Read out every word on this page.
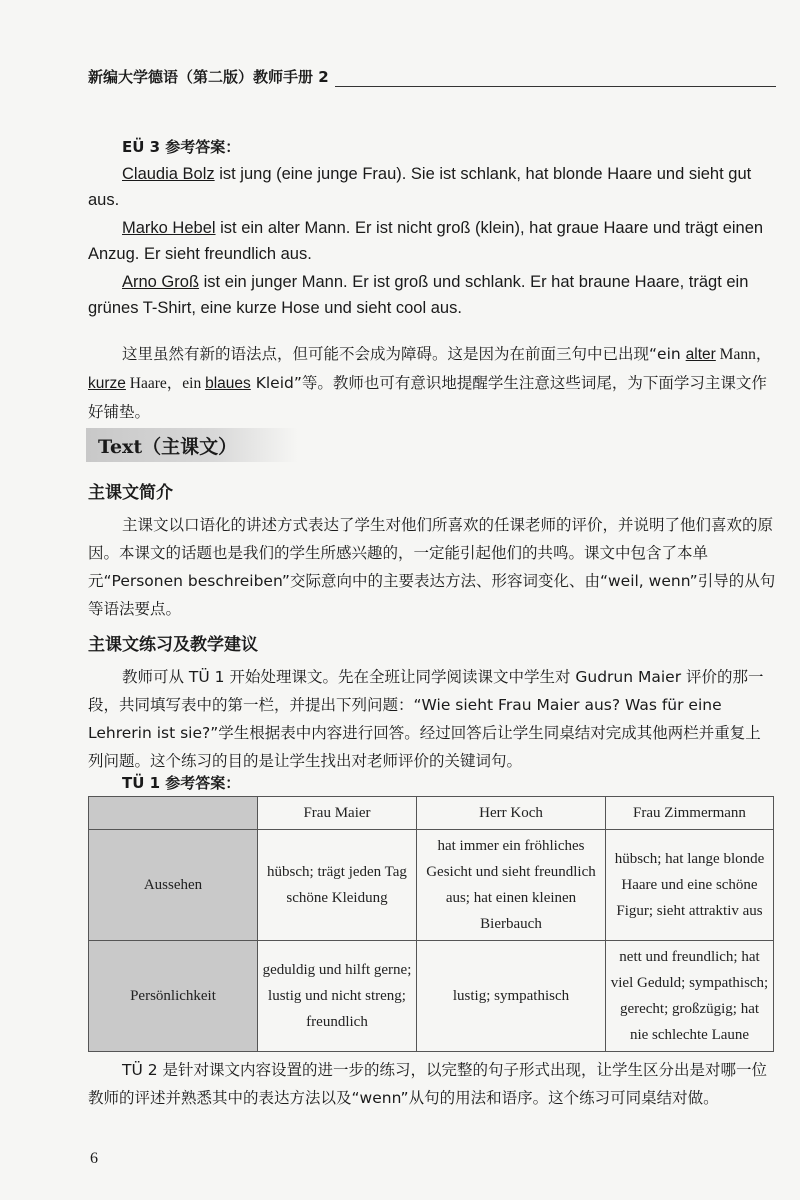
新编大学德语（第二版）教师手册 2
EÜ 3 参考答案：

Claudia Bolz ist jung (eine junge Frau). Sie ist schlank, hat blonde Haare und sieht gut aus.

Marko Hebel ist ein alter Mann. Er ist nicht groß (klein), hat graue Haare und trägt einen Anzug. Er sieht freundlich aus.

Arno Groß ist ein junger Mann. Er ist groß und schlank. Er hat braune Haare, trägt ein grünes T-Shirt, eine kurze Hose und sieht cool aus.

这里虽然有新的语法点，但可能不会成为障碍。这是因为在前面三句中已出现“ein alter Mann，kurze Haare，ein blaues Kleid”等。教师也可有意识地提醒学生注意这些词尾，为下面学习主课文作好铺垫。

Text（主课文）
主课文简介

主课文以口语化的讲述方式表达了学生对他们所喜欢的任课老师的评价，并说明了他们喜欢的原因。本课文的话题也是我们的学生所感兴趣的，一定能引起他们的共鸣。课文中包含了本单元“Personen beschreiben”交际意向中的主要表达方法、形容词变化、由“weil, wenn”引导的从句等语法要点。

主课文练习及教学建议

教师可从 TÜ 1 开始处理课文。先在全班让同学阅读课文中学生对 Gudrun Maier 评价的那一段，共同填写表中的第一栏，并提出下列问题：“Wie sieht Frau Maier aus? Was für eine Lehrerin ist sie?”学生根据表中内容进行回答。经过回答后让学生同桌结对完成其他两栏并重复上列问题。这个练习的目的是让学生找出对老师评价的关键词句。

TÜ 1 参考答案：
	Frau Maier	Herr Koch	Frau Zimmermann
Aussehen	hübsch; trägt jeden Tag schöne Kleidung	hat immer ein fröhliches Gesicht und sieht freundlich aus; hat einen kleinen Bierbauch	hübsch; hat lange blonde Haare und eine schöne Figur; sieht attraktiv aus
Persönlichkeit	geduldig und hilft gerne; lustig und nicht streng; freundlich	lustig; sympathisch	nett und freundlich; hat viel Geduld; sympathisch; gerecht; großzügig; hat nie schlechte Laune

TÜ 2 是针对课文内容设置的进一步的练习，以完整的句子形式出现，让学生区分出是对哪一位教师的评述并熟悉其中的表达方法以及“wenn”从句的用法和语序。这个练习可同桌结对做。

6
